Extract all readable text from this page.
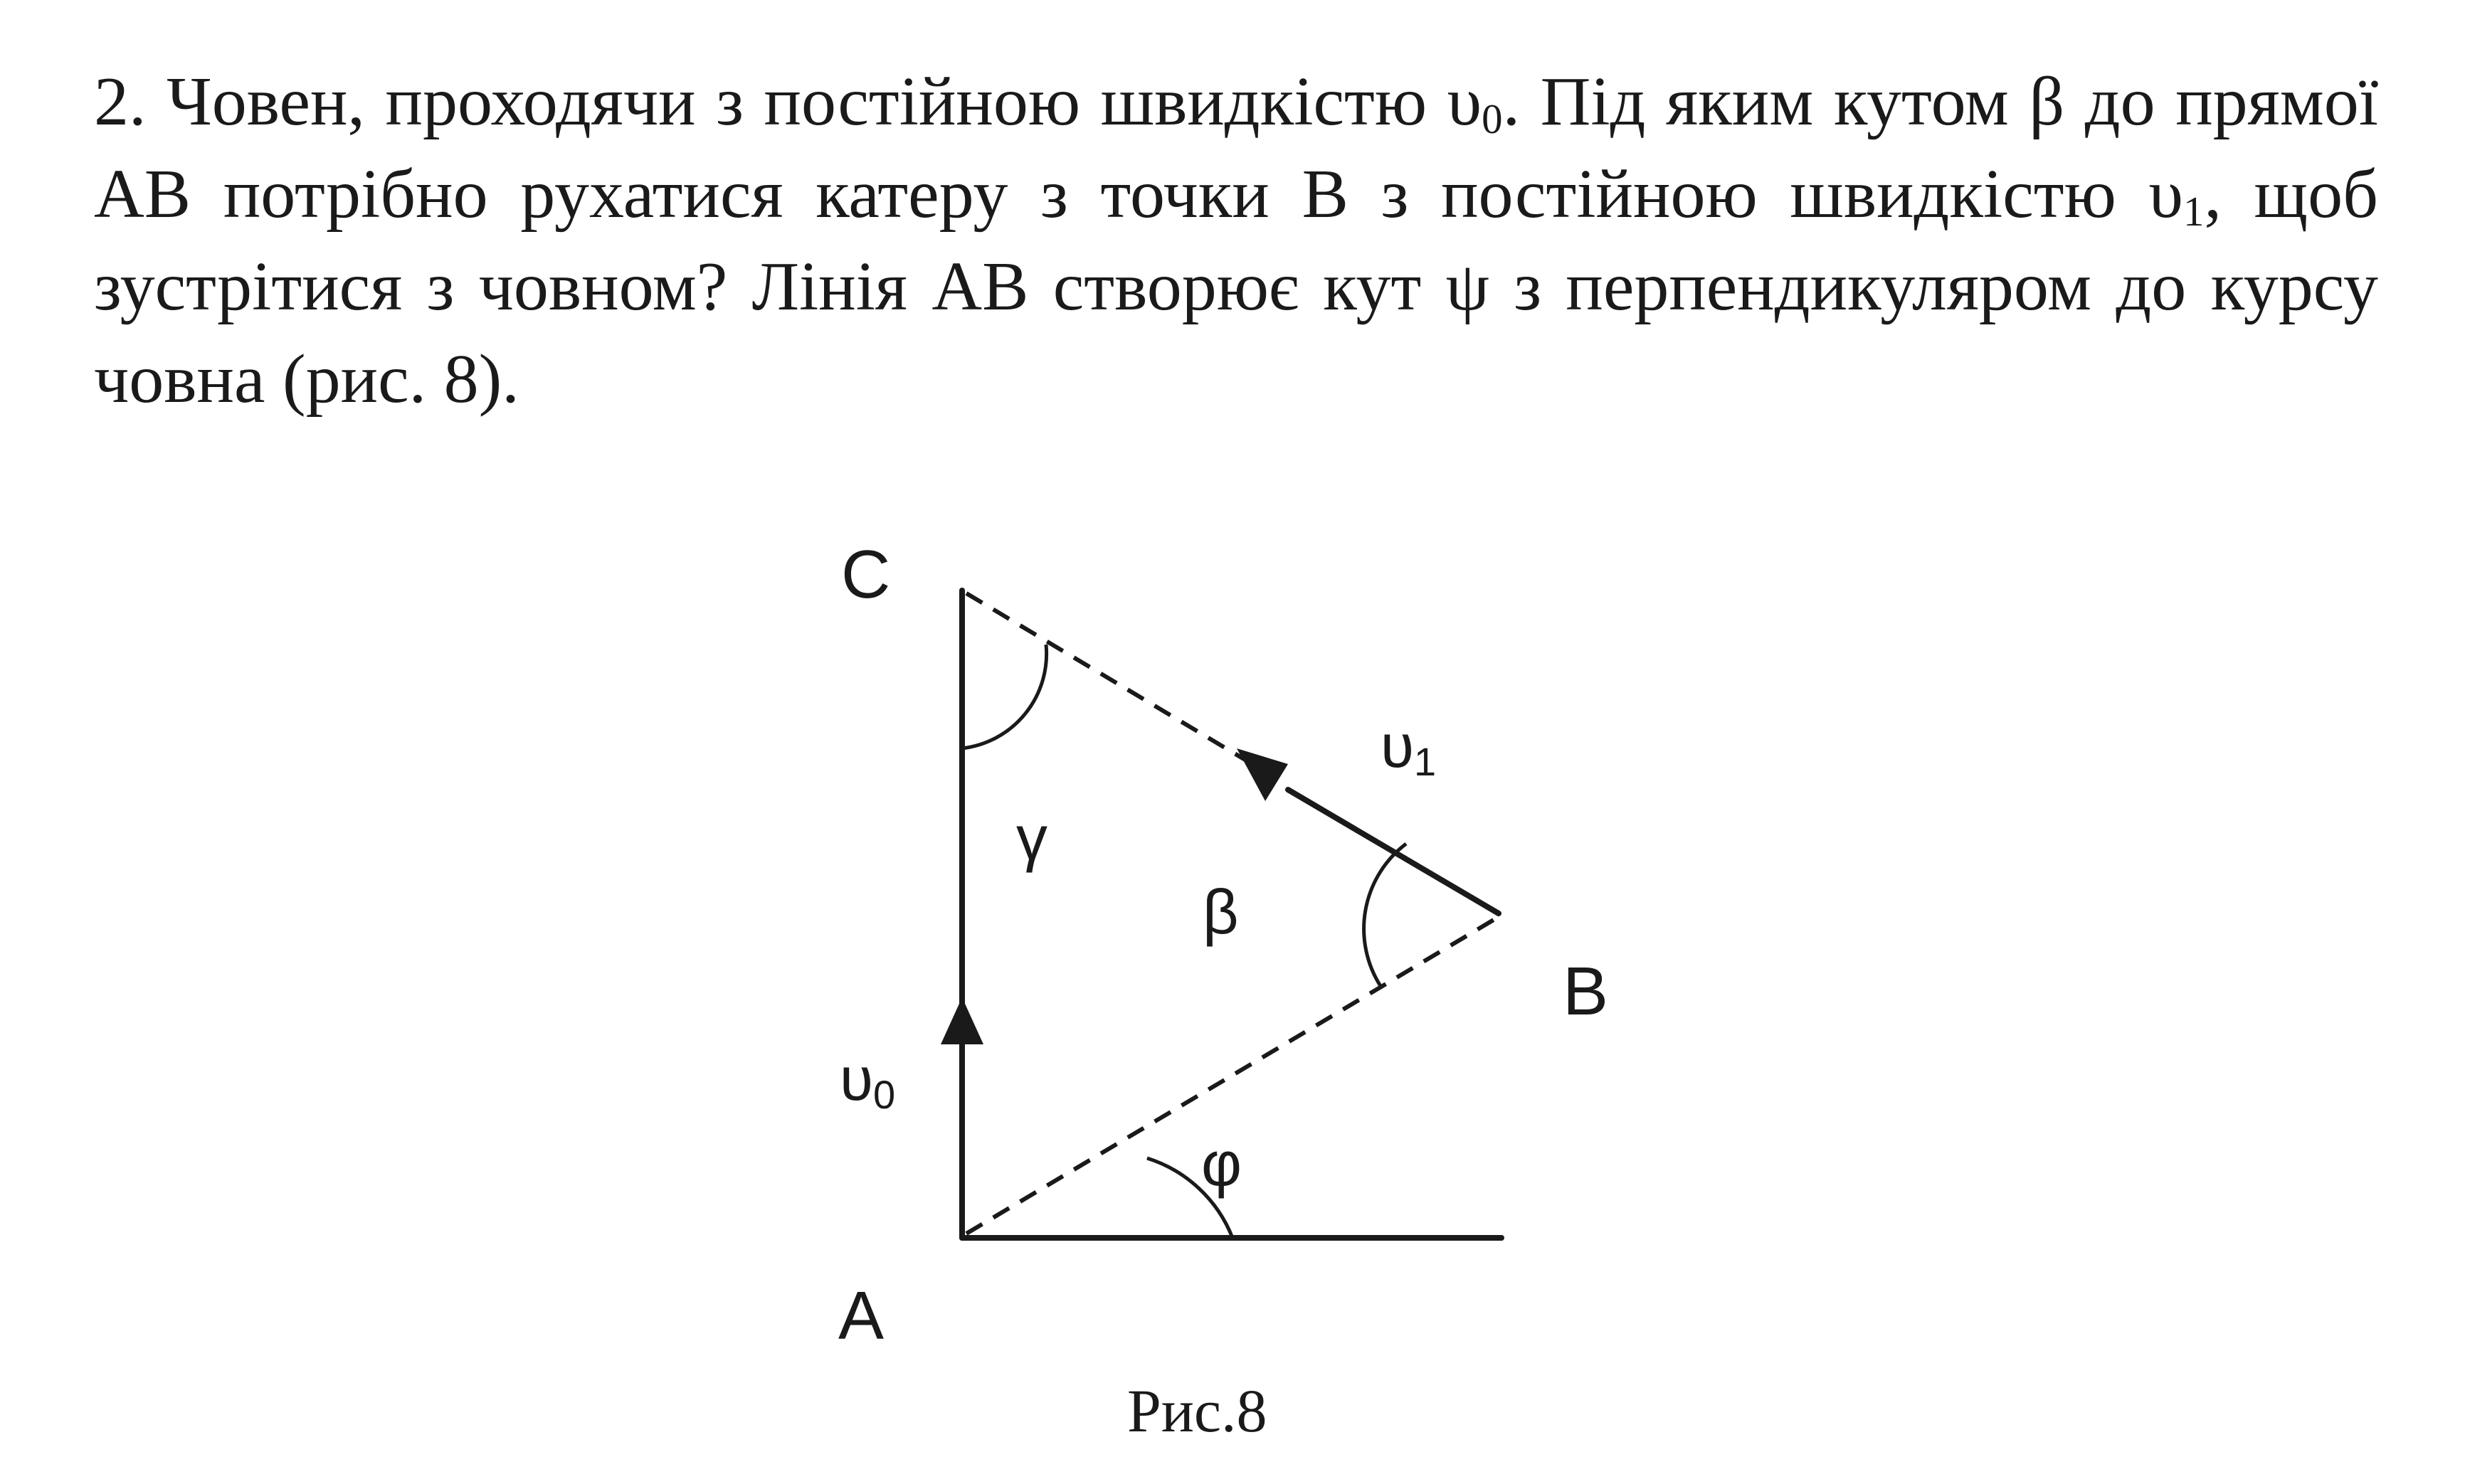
2. Човен, проходячи з постійною швидкістю $\upsilon_0$. Під яким кутом β до прямої АВ потрібно рухатися катеру з точки В з постійною швидкістю $\upsilon_1$, щоб зустрітися з човном? Лінія АВ створює кут ψ з перпендикуляром до курсу човна (рис. 8).

C
B
A
γ
β
φ
υ0
υ1
Рис.8
